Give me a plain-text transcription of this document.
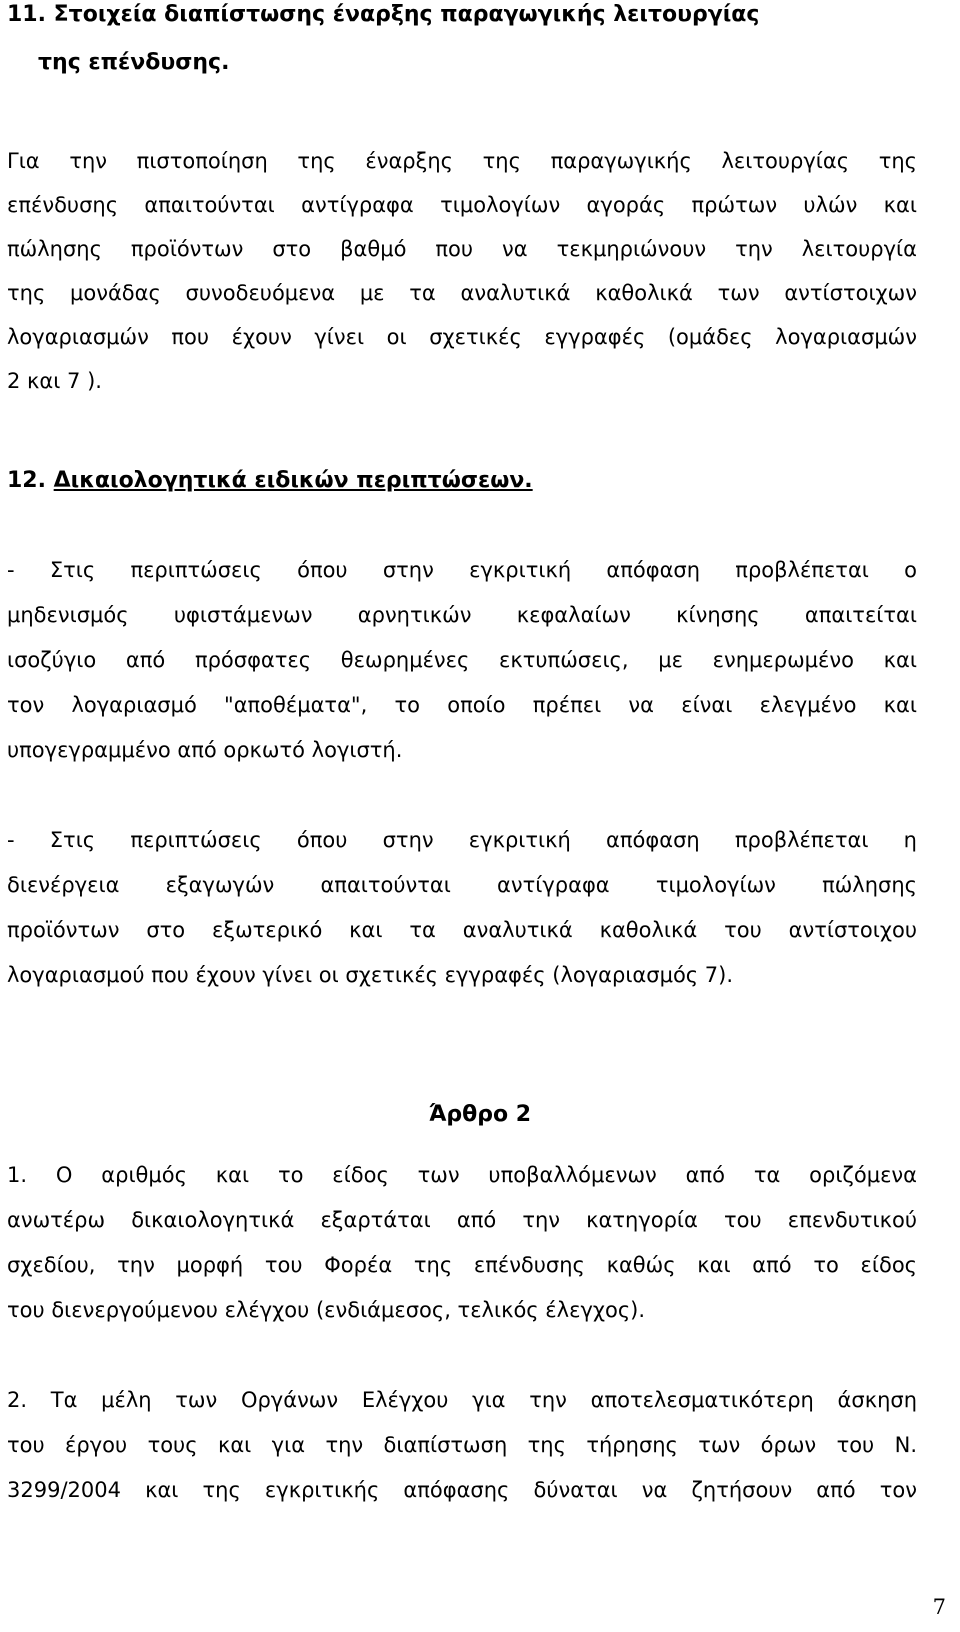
11. Στοιχεία διαπίστωσης έναρξης παραγωγικής λειτουργίας
της επένδυσης.
Για την πιστοποίηση της έναρξης της παραγωγικής λειτουργίας της
επένδυσης απαιτούνται αντίγραφα τιμολογίων αγοράς πρώτων υλών και
πώλησης προϊόντων στο βαθμό που να τεκμηριώνουν την λειτουργία
της μονάδας συνοδευόμενα με τα αναλυτικά καθολικά των αντίστοιχων
λογαριασμών που έχουν γίνει οι σχετικές εγγραφές (ομάδες λογαριασμών
2 και 7 ).
12. Δικαιολογητικά ειδικών περιπτώσεων.
- Στις περιπτώσεις όπου στην εγκριτική απόφαση προβλέπεται ο
μηδενισμός υφιστάμενων αρνητικών κεφαλαίων κίνησης απαιτείται
ισοζύγιο από πρόσφατες θεωρημένες εκτυπώσεις, με ενημερωμένο και
τον λογαριασμό "αποθέματα", το οποίο πρέπει να είναι ελεγμένο και
υπογεγραμμένο από ορκωτό λογιστή.
- Στις περιπτώσεις όπου στην εγκριτική απόφαση προβλέπεται η
διενέργεια εξαγωγών απαιτούνται αντίγραφα τιμολογίων πώλησης
προϊόντων στο εξωτερικό και τα αναλυτικά καθολικά του αντίστοιχου
λογαριασμού που έχουν γίνει οι σχετικές εγγραφές (λογαριασμός 7).
Άρθρο 2
1. Ο αριθμός και το είδος των υποβαλλόμενων από τα οριζόμενα
ανωτέρω δικαιολογητικά εξαρτάται από την κατηγορία του επενδυτικού
σχεδίου, την μορφή του Φορέα της επένδυσης καθώς και από το είδος
του διενεργούμενου ελέγχου (ενδιάμεσος, τελικός έλεγχος).
2. Τα μέλη των Οργάνων Ελέγχου για την αποτελεσματικότερη άσκηση
του έργου τους και για την διαπίστωση της τήρησης των όρων του Ν.
3299/2004 και της εγκριτικής απόφασης δύναται να ζητήσουν από τον
7
